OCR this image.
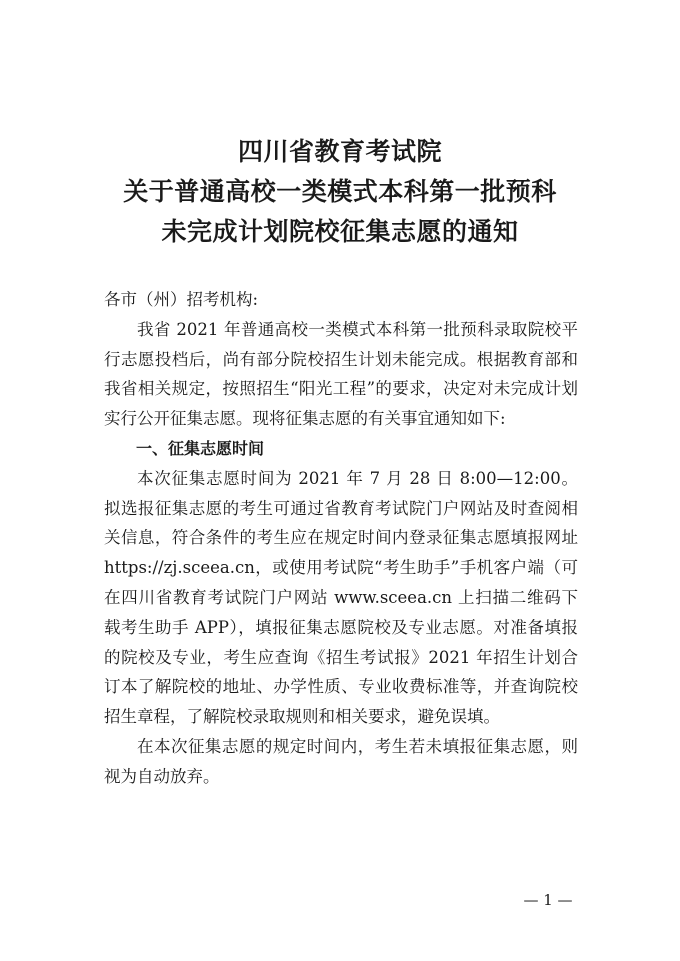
四川省教育考试院
关于普通高校一类模式本科第一批预科
未完成计划院校征集志愿的通知

各市（州）招考机构:

我省 2021 年普通高校一类模式本科第一批预科录取院校平行志愿投档后，尚有部分院校招生计划未能完成。根据教育部和我省相关规定，按照招生“阳光工程”的要求，决定对未完成计划实行公开征集志愿。现将征集志愿的有关事宜通知如下:

一、征集志愿时间

本次征集志愿时间为 2021 年 7 月 28 日 8:00—12:00。拟选报征集志愿的考生可通过省教育考试院门户网站及时查阅相关信息，符合条件的考生应在规定时间内登录征集志愿填报网址 https://zj.sceea.cn，或使用考试院“考生助手”手机客户端（可在四川省教育考试院门户网站 www.sceea.cn 上扫描二维码下载考生助手 APP），填报征集志愿院校及专业志愿。对准备填报的院校及专业，考生应查询《招生考试报》2021 年招生计划合订本了解院校的地址、办学性质、专业收费标准等，并查询院校招生章程，了解院校录取规则和相关要求，避免误填。

在本次征集志愿的规定时间内，考生若未填报征集志愿，则视为自动放弃。

— 1 —
